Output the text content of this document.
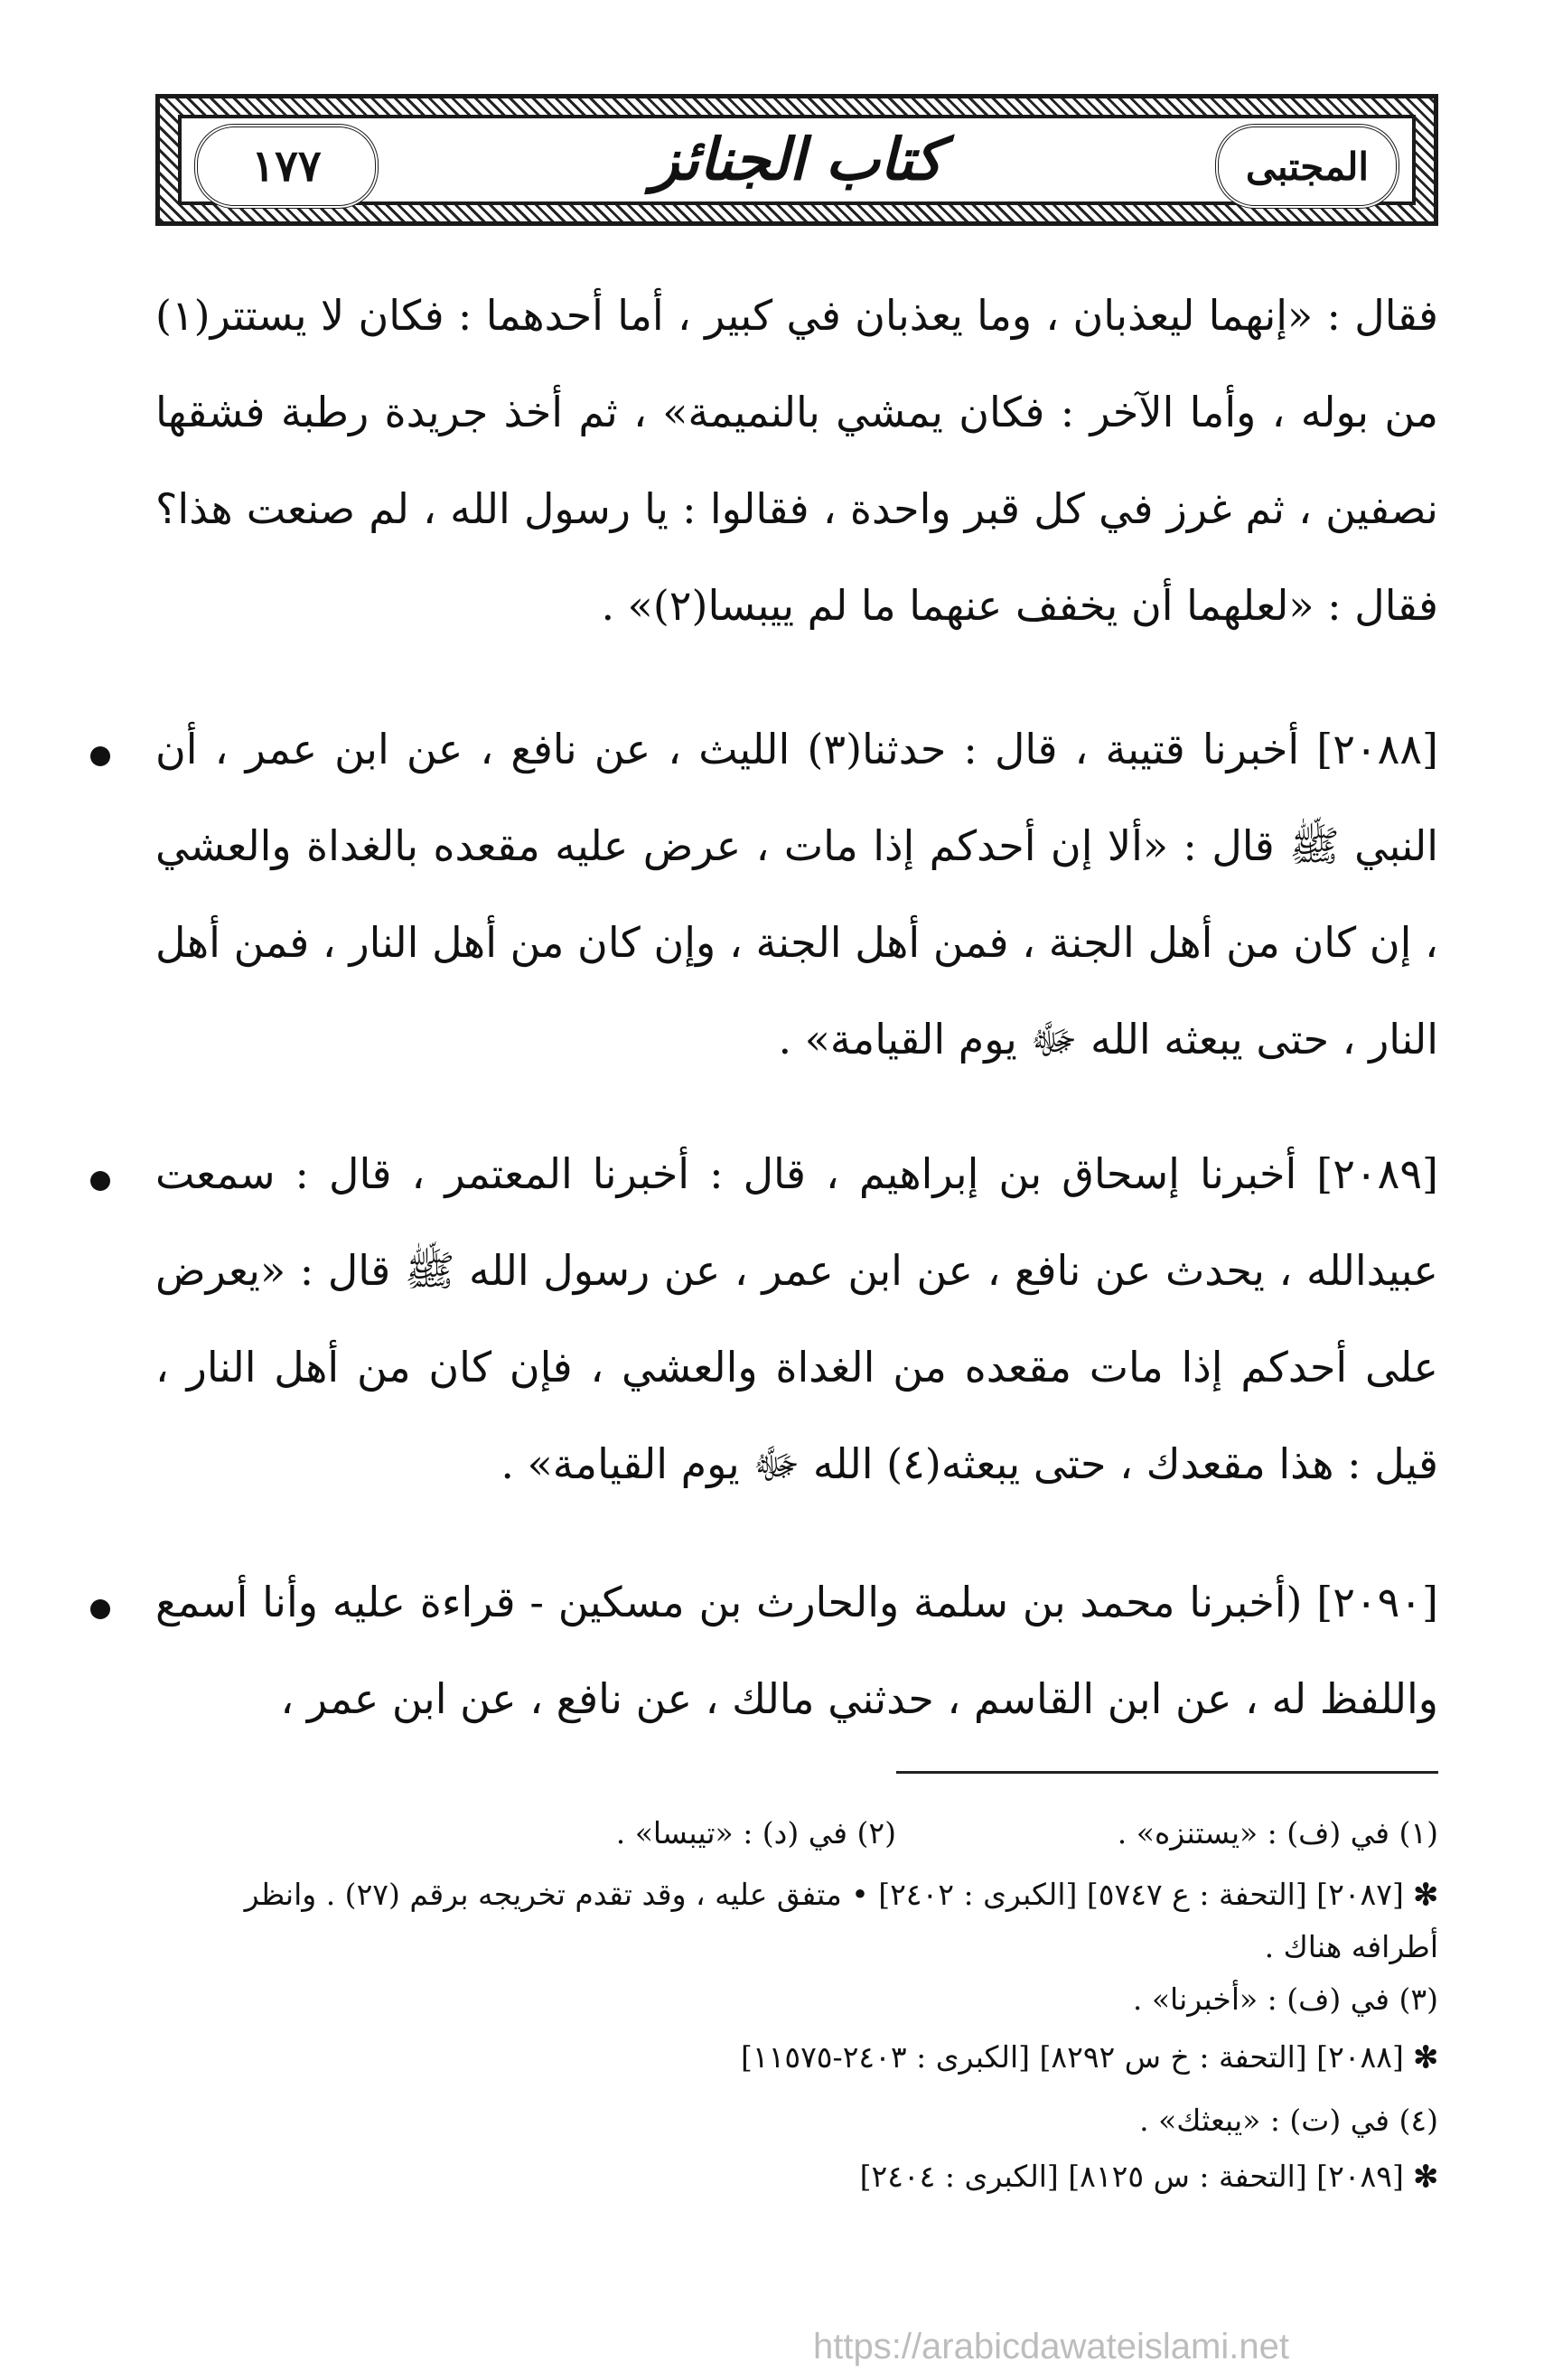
المجتبى
كتاب الجنائز
١٧٧

فقال : «إنهما ليعذبان ، وما يعذبان في كبير ، أما أحدهما : فكان لا يستتر(١) من بوله ، وأما الآخر : فكان يمشي بالنميمة» ، ثم أخذ جريدة رطبة فشقها نصفين ، ثم غرز في كل قبر واحدة ، فقالوا : يا رسول الله ، لم صنعت هذا؟ فقال : «لعلهما أن يخفف عنهما ما لم ييبسا(٢)» .

[٢٠٨٨] أخبرنا قتيبة ، قال : حدثنا(٣) الليث ، عن نافع ، عن ابن عمر ، أن النبي ﷺ قال : «ألا إن أحدكم إذا مات ، عرض عليه مقعده بالغداة والعشي ، إن كان من أهل الجنة ، فمن أهل الجنة ، وإن كان من أهل النار ، فمن أهل النار ، حتى يبعثه الله ﷻ يوم القيامة» .

[٢٠٨٩] أخبرنا إسحاق بن إبراهيم ، قال : أخبرنا المعتمر ، قال : سمعت عبيدالله ، يحدث عن نافع ، عن ابن عمر ، عن رسول الله ﷺ قال : «يعرض على أحدكم إذا مات مقعده من الغداة والعشي ، فإن كان من أهل النار ، قيل : هذا مقعدك ، حتى يبعثه(٤) الله ﷻ يوم القيامة» .

[٢٠٩٠] (أخبرنا محمد بن سلمة والحارث بن مسكين - قراءة عليه وأنا أسمع واللفظ له ، عن ابن القاسم ، حدثني مالك ، عن نافع ، عن ابن عمر ،

(١) في (ف) : «يستنزه» .
(٢) في (د) : «تيبسا» .
✻ [٢٠٨٧] [التحفة : ع ٥٧٤٧] [الكبرى : ٢٤٠٢] • متفق عليه ، وقد تقدم تخريجه برقم (٢٧) . وانظر أطرافه هناك .
(٣) في (ف) : «أخبرنا» .
✻ [٢٠٨٨] [التحفة : خ س ٨٢٩٢] [الكبرى : ٢٤٠٣-١١٥٧٥]
(٤) في (ت) : «يبعثك» .
✻ [٢٠٨٩] [التحفة : س ٨١٢٥] [الكبرى : ٢٤٠٤]
https://arabicdawateislami.net
